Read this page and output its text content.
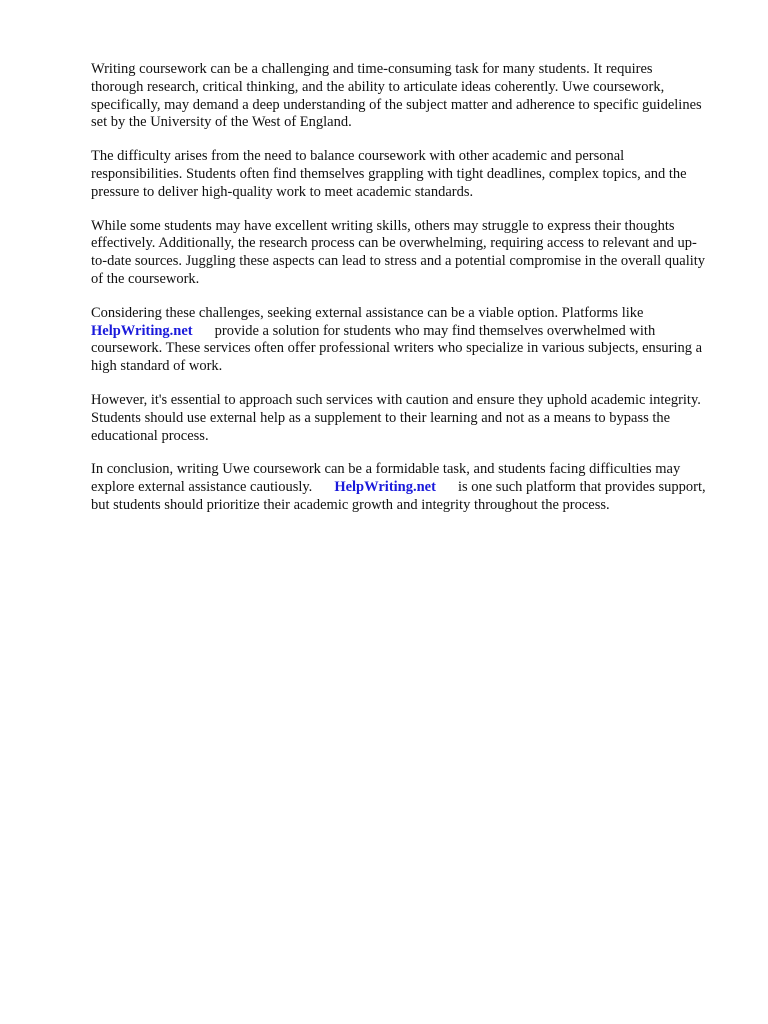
Writing coursework can be a challenging and time-consuming task for many students. It requires thorough research, critical thinking, and the ability to articulate ideas coherently. Uwe coursework, specifically, may demand a deep understanding of the subject matter and adherence to specific guidelines set by the University of the West of England.

The difficulty arises from the need to balance coursework with other academic and personal responsibilities. Students often find themselves grappling with tight deadlines, complex topics, and the pressure to deliver high-quality work to meet academic standards.

While some students may have excellent writing skills, others may struggle to express their thoughts effectively. Additionally, the research process can be overwhelming, requiring access to relevant and up-to-date sources. Juggling these aspects can lead to stress and a potential compromise in the overall quality of the coursework.

Considering these challenges, seeking external assistance can be a viable option. Platforms like
HelpWriting.net provide a solution for students who may find themselves overwhelmed with coursework. These services often offer professional writers who specialize in various subjects, ensuring a high standard of work.

However, it's essential to approach such services with caution and ensure they uphold academic integrity. Students should use external help as a supplement to their learning and not as a means to bypass the educational process.

In conclusion, writing Uwe coursework can be a formidable task, and students facing difficulties may explore external assistance cautiously. HelpWriting.net is one such platform that provides support, but students should prioritize their academic growth and integrity throughout the process.
